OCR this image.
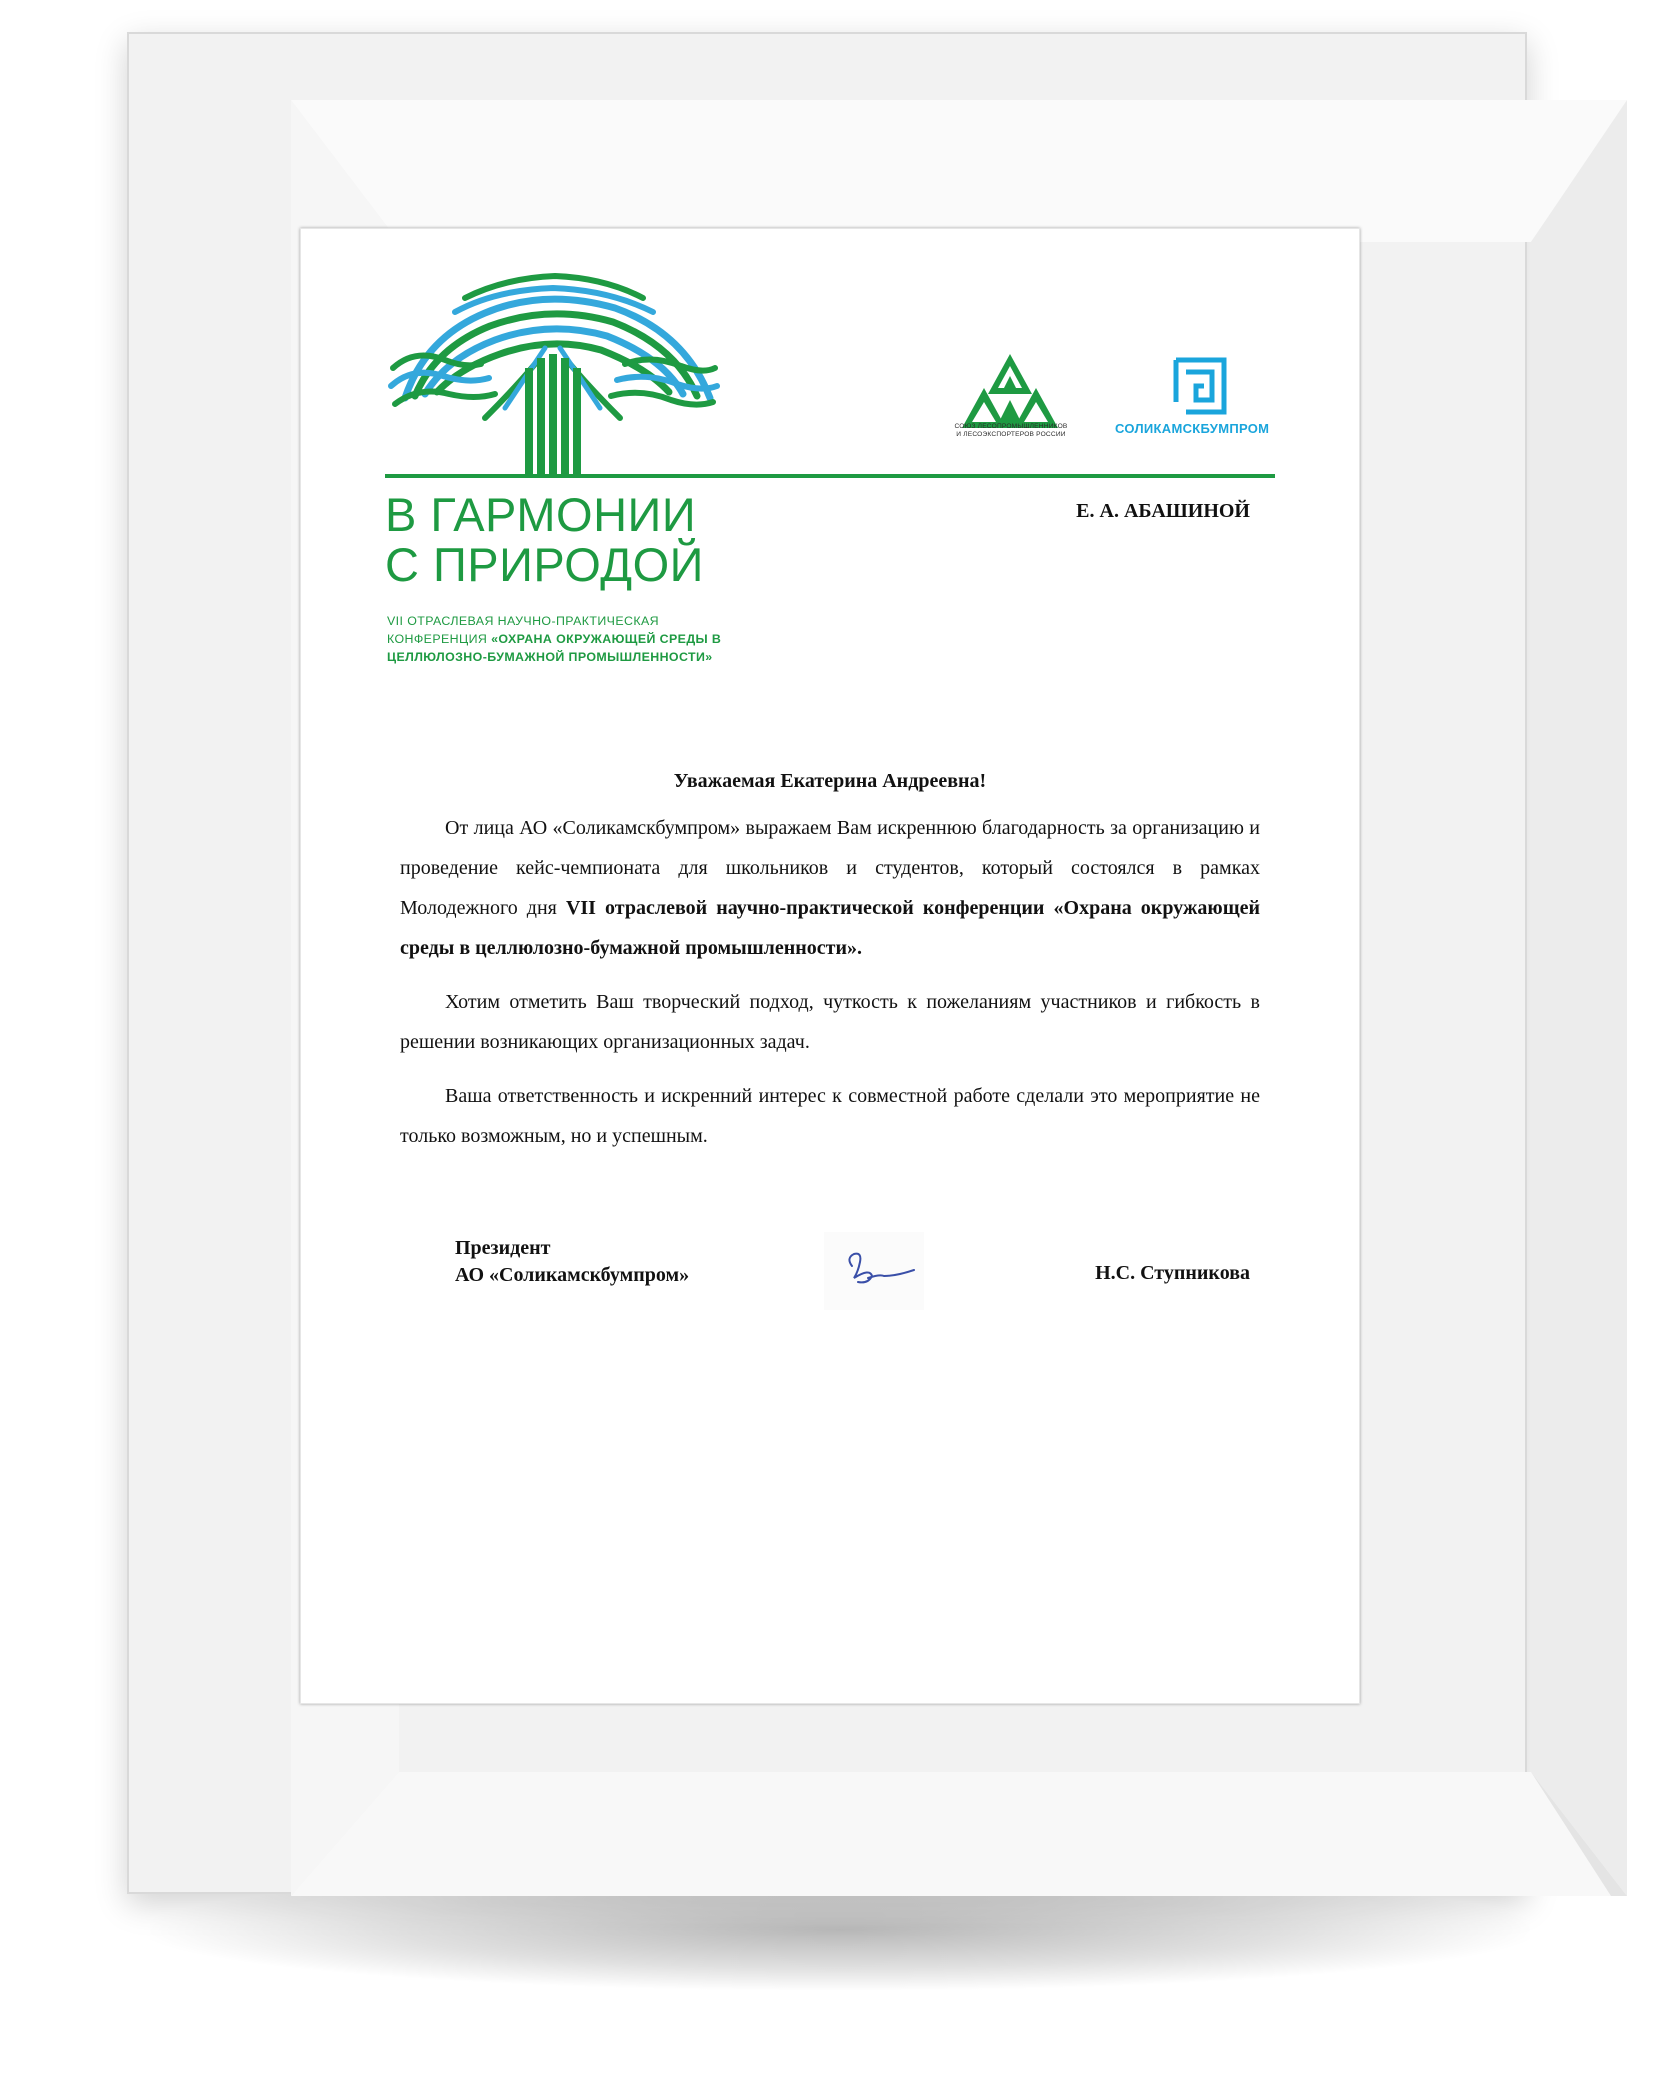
В ГАРМОНИИ
С ПРИРОДОЙ
VII ОТРАСЛЕВАЯ НАУЧНО-ПРАКТИЧЕСКАЯ
КОНФЕРЕНЦИЯ «ОХРАНА ОКРУЖАЮЩЕЙ СРЕДЫ В
ЦЕЛЛЮЛОЗНО-БУМАЖНОЙ ПРОМЫШЛЕННОСТИ»
СОЮЗ ЛЕСОПРОМЫШЛЕННИКОВ
И ЛЕСОЭКСПОРТЕРОВ РОССИИ	СОЛИКАМСКБУМПРОМ
Е. А. АБАШИНОЙ
Уважаемая Екатерина Андреевна!

От лица АО «Соликамскбумпром» выражаем Вам искреннюю благодарность за организацию и проведение кейс-чемпионата для школьников и студентов, который состоялся в рамках Молодежного дня VII отраслевой научно-практической конференции «Охрана окружающей среды в целлюлозно-бумажной промышленности».

Хотим отметить Ваш творческий подход, чуткость к пожеланиям участников и гибкость в решении возникающих организационных задач.

Ваша ответственность и искренний интерес к совместной работе сделали это мероприятие не только возможным, но и успешным.

Президент
АО «Соликамскбумпром»	Н.С. Ступникова
